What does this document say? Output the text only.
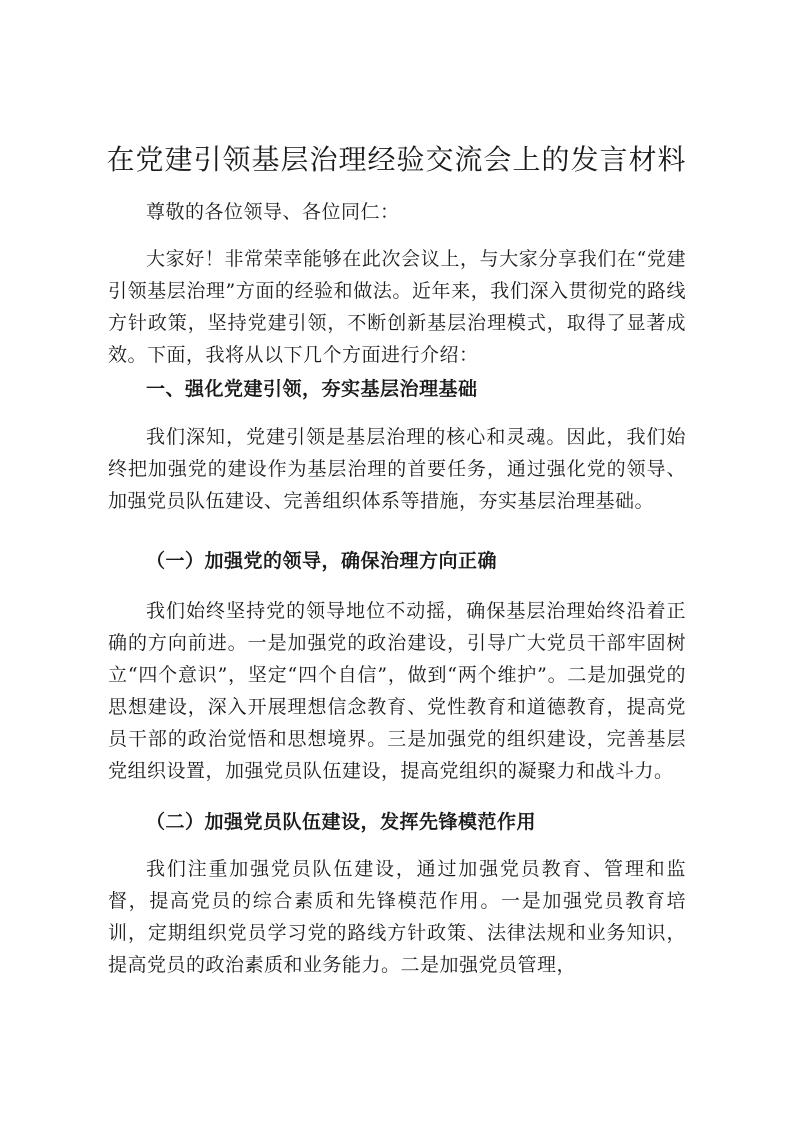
在党建引领基层治理经验交流会上的发言材料

尊敬的各位领导、各位同仁：

大家好！非常荣幸能够在此次会议上，与大家分享我们在“党建引领基层治理”方面的经验和做法。近年来，我们深入贯彻党的路线方针政策，坚持党建引领，不断创新基层治理模式，取得了显著成效。下面，我将从以下几个方面进行介绍：

一、强化党建引领，夯实基层治理基础

我们深知，党建引领是基层治理的核心和灵魂。因此，我们始终把加强党的建设作为基层治理的首要任务，通过强化党的领导、加强党员队伍建设、完善组织体系等措施，夯实基层治理基础。

（一）加强党的领导，确保治理方向正确

我们始终坚持党的领导地位不动摇，确保基层治理始终沿着正确的方向前进。一是加强党的政治建设，引导广大党员干部牢固树立“四个意识”，坚定“四个自信”，做到“两个维护”。二是加强党的思想建设，深入开展理想信念教育、党性教育和道德教育，提高党员干部的政治觉悟和思想境界。三是加强党的组织建设，完善基层党组织设置，加强党员队伍建设，提高党组织的凝聚力和战斗力。

（二）加强党员队伍建设，发挥先锋模范作用

我们注重加强党员队伍建设，通过加强党员教育、管理和监督，提高党员的综合素质和先锋模范作用。一是加强党员教育培训，定期组织党员学习党的路线方针政策、法律法规和业务知识，提高党员的政治素质和业务能力。二是加强党员管理，
